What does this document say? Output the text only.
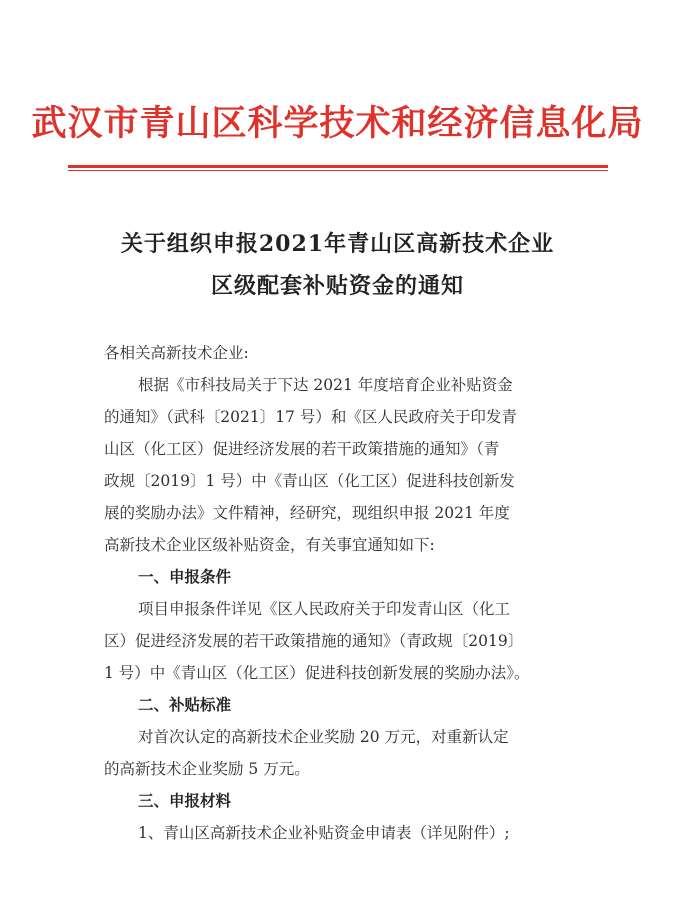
武汉市青山区科学技术和经济信息化局
关于组织申报2021年青山区高新技术企业
区级配套补贴资金的通知

各相关高新技术企业:

根据《市科技局关于下达 2021 年度培育企业补贴资金
的通知》（武科〔2021〕17 号）和《区人民政府关于印发青
山区（化工区）促进经济发展的若干政策措施的通知》（青
政规〔2019〕1 号）中《青山区（化工区）促进科技创新发
展的奖励办法》文件精神，经研究，现组织申报 2021 年度
高新技术企业区级补贴资金，有关事宜通知如下:

一、申报条件

项目申报条件详见《区人民政府关于印发青山区（化工
区）促进经济发展的若干政策措施的通知》（青政规〔2019〕
1 号）中《青山区（化工区）促进科技创新发展的奖励办法》。

二、补贴标准

对首次认定的高新技术企业奖励 20 万元，对重新认定
的高新技术企业奖励 5 万元。

三、申报材料

1、青山区高新技术企业补贴资金申请表（详见附件）;
